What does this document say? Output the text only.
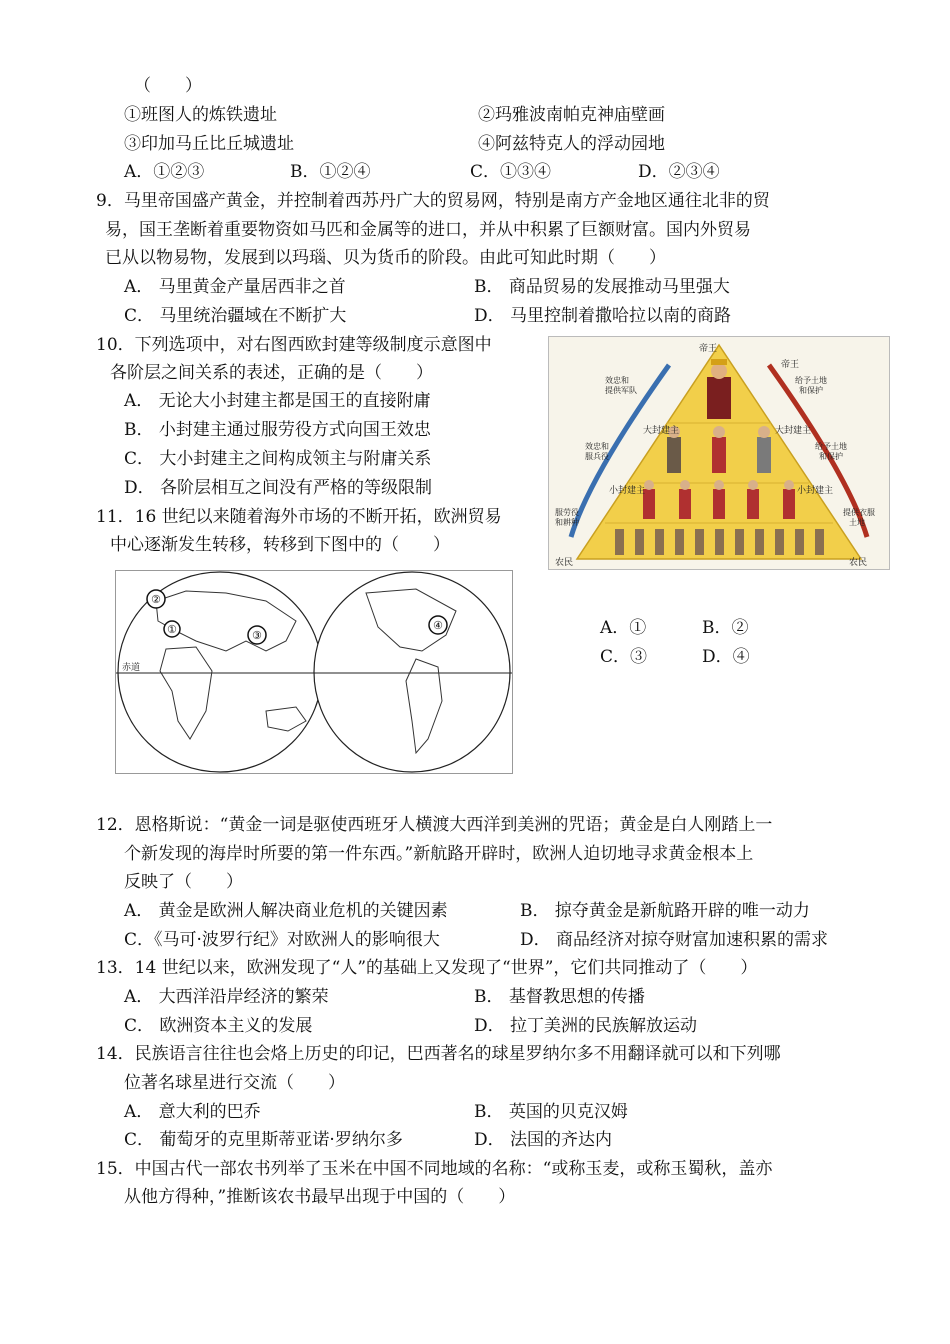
（　　）
①班图人的炼铁遗址	②玛雅波南帕克神庙壁画
③印加马丘比丘城遗址	④阿兹特克人的浮动园地
A．①②③	B．①②④	C．①③④	D．②③④
9．马里帝国盛产黄金，并控制着西苏丹广大的贸易网，特别是南方产金地区通往北非的贸
易，国王垄断着重要物资如马匹和金属等的进口，并从中积累了巨额财富。国内外贸易
已从以物易物，发展到以玛瑙、贝为货币的阶段。由此可知此时期（　　）
A． 马里黄金产量居西非之首	B． 商品贸易的发展推动马里强大
C． 马里统治疆域在不断扩大	D． 马里控制着撒哈拉以南的商路
10．下列选项中，对右图西欧封建等级制度示意图中
各阶层之间关系的表述，正确的是（　　）
A． 无论大小封建主都是国王的直接附庸
B． 小封建主通过服劳役方式向国王效忠
C． 大小封建主之间构成领主与附庸关系
D． 各阶层相互之间没有严格的等级限制
帝王
帝王
大封建主	大封建主
小封建主	小封建主
农民	农民
效忠和
提供军队
效忠和
服兵役
服劳役
和耕种
给予土地
和保护
给予土地
和保护
提供衣服
土地
11．16 世纪以来随着海外市场的不断开拓，欧洲贸易
中心逐渐发生转移，转移到下图中的（　　）
赤道
①
②
③
④	A．①	B．②
C．③	D．④
12．恩格斯说：“黄金一词是驱使西班牙人横渡大西洋到美洲的咒语；黄金是白人刚踏上一
个新发现的海岸时所要的第一件东西。”新航路开辟时，欧洲人迫切地寻求黄金根本上
反映了（　　）
A． 黄金是欧洲人解决商业危机的关键因素	B． 掠夺黄金是新航路开辟的唯一动力
C．《马可·波罗行纪》对欧洲人的影响很大	D． 商品经济对掠夺财富加速积累的需求
13．14 世纪以来，欧洲发现了“人”的基础上又发现了“世界”，它们共同推动了（　　）
A． 大西洋沿岸经济的繁荣	B． 基督教思想的传播
C． 欧洲资本主义的发展	D． 拉丁美洲的民族解放运动
14．民族语言往往也会烙上历史的印记，巴西著名的球星罗纳尔多不用翻译就可以和下列哪
位著名球星进行交流（　　）
A． 意大利的巴乔	B． 英国的贝克汉姆
C． 葡萄牙的克里斯蒂亚诺·罗纳尔多	D． 法国的齐达内
15．中国古代一部农书列举了玉米在中国不同地域的名称：“或称玉麦，或称玉蜀秋，盖亦
从他方得种，”推断该农书最早出现于中国的（　　）
